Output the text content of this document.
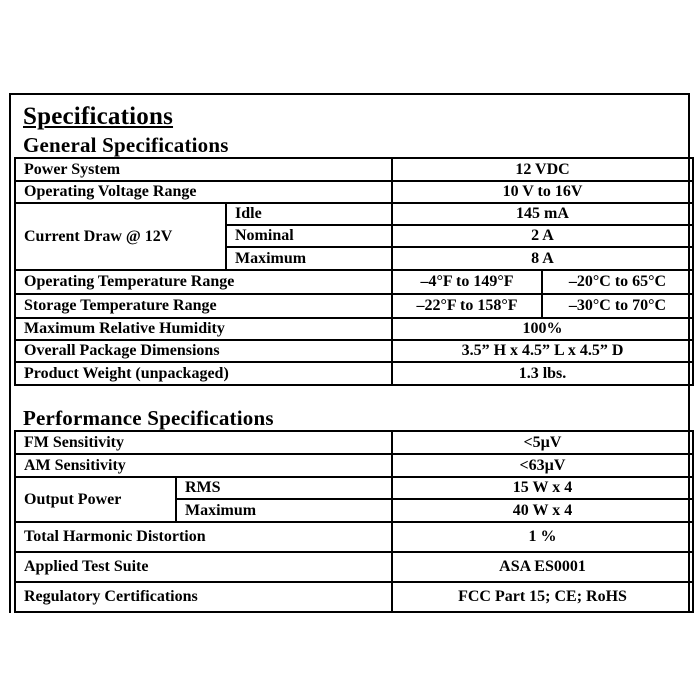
Specifications
General Specifications
Power System		12 VDC	
Operating Voltage Range		10 V to 16V	
Current Draw @ 12V	Idle	145 mA	
	Nominal	2 A	
	Maximum	8 A	
Operating Temperature Range		–4°F to 149°F	–20°C to 65°C
Storage Temperature Range		–22°F to 158°F	–30°C to 70°C
Maximum Relative Humidity		100%	
Overall Package Dimensions		3.5” H x 4.5” L x 4.5” D	
Product Weight (unpackaged)		1.3 lbs.	
Performance Specifications
FM Sensitivity		<5µV
AM Sensitivity		<63µV
Output Power	RMS	15 W x 4
	Maximum	40 W x 4
Total Harmonic Distortion		1 %
Applied Test Suite		ASA ES0001
Regulatory Certifications		FCC Part 15; CE; RoHS
